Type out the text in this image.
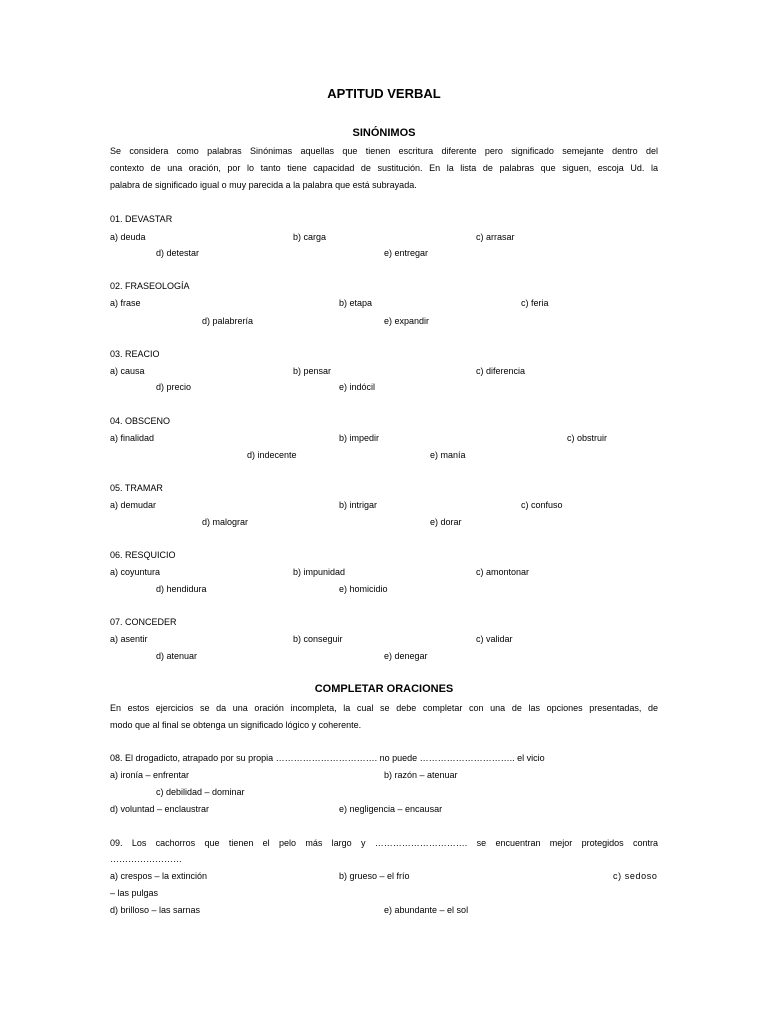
APTITUD VERBAL
SINÓNIMOS
Se considera como palabras Sinónimas aquellas que tienen escritura diferente pero significado semejante dentro del
contexto de una oración, por lo tanto tiene capacidad de sustitución. En la lista de palabras que siguen, escoja Ud. la
palabra de significado igual o muy parecida a la palabra que está subrayada.
01. DEVASTAR
a) deuda	b) carga	c) arrasar
d) detestar	e) entregar
02. FRASEOLOGÍA
a) frase	b) etapa	c) feria
d) palabrería	e) expandir
03. REACIO
a) causa	b) pensar	c) diferencia
d) precio	e) indócil
04. OBSCENO
a) finalidad	b) impedir	c) obstruir
d) indecente	e) manía
05. TRAMAR
a) demudar	b) intrigar	c) confuso
d) malograr	e) dorar
06. RESQUICIO
a) coyuntura	b) impunidad	c) amontonar
d) hendidura	e) homicidio
07. CONCEDER
a) asentir	b) conseguir	c) validar
d) atenuar	e) denegar
COMPLETAR ORACIONES
En estos ejercicios se da una oración incompleta, la cual se debe completar con una de las opciones presentadas, de
modo que al final se obtenga un significado lógico y coherente.
08. El drogadicto, atrapado por su propia ……………………………. no puede ………………………….. el vicio
a) ironía – enfrentar	b) razón – atenuar
c) debilidad – dominar
d) voluntad – enclaustrar	e) negligencia – encausar
09. Los cachorros que tienen el pelo más largo y …………………………. se encuentran mejor protegidos contra
……………………
a) crespos – la extinción	b) grueso – el frío	c) sedoso
– las pulgas
d) brilloso – las sarnas	e) abundante – el sol
